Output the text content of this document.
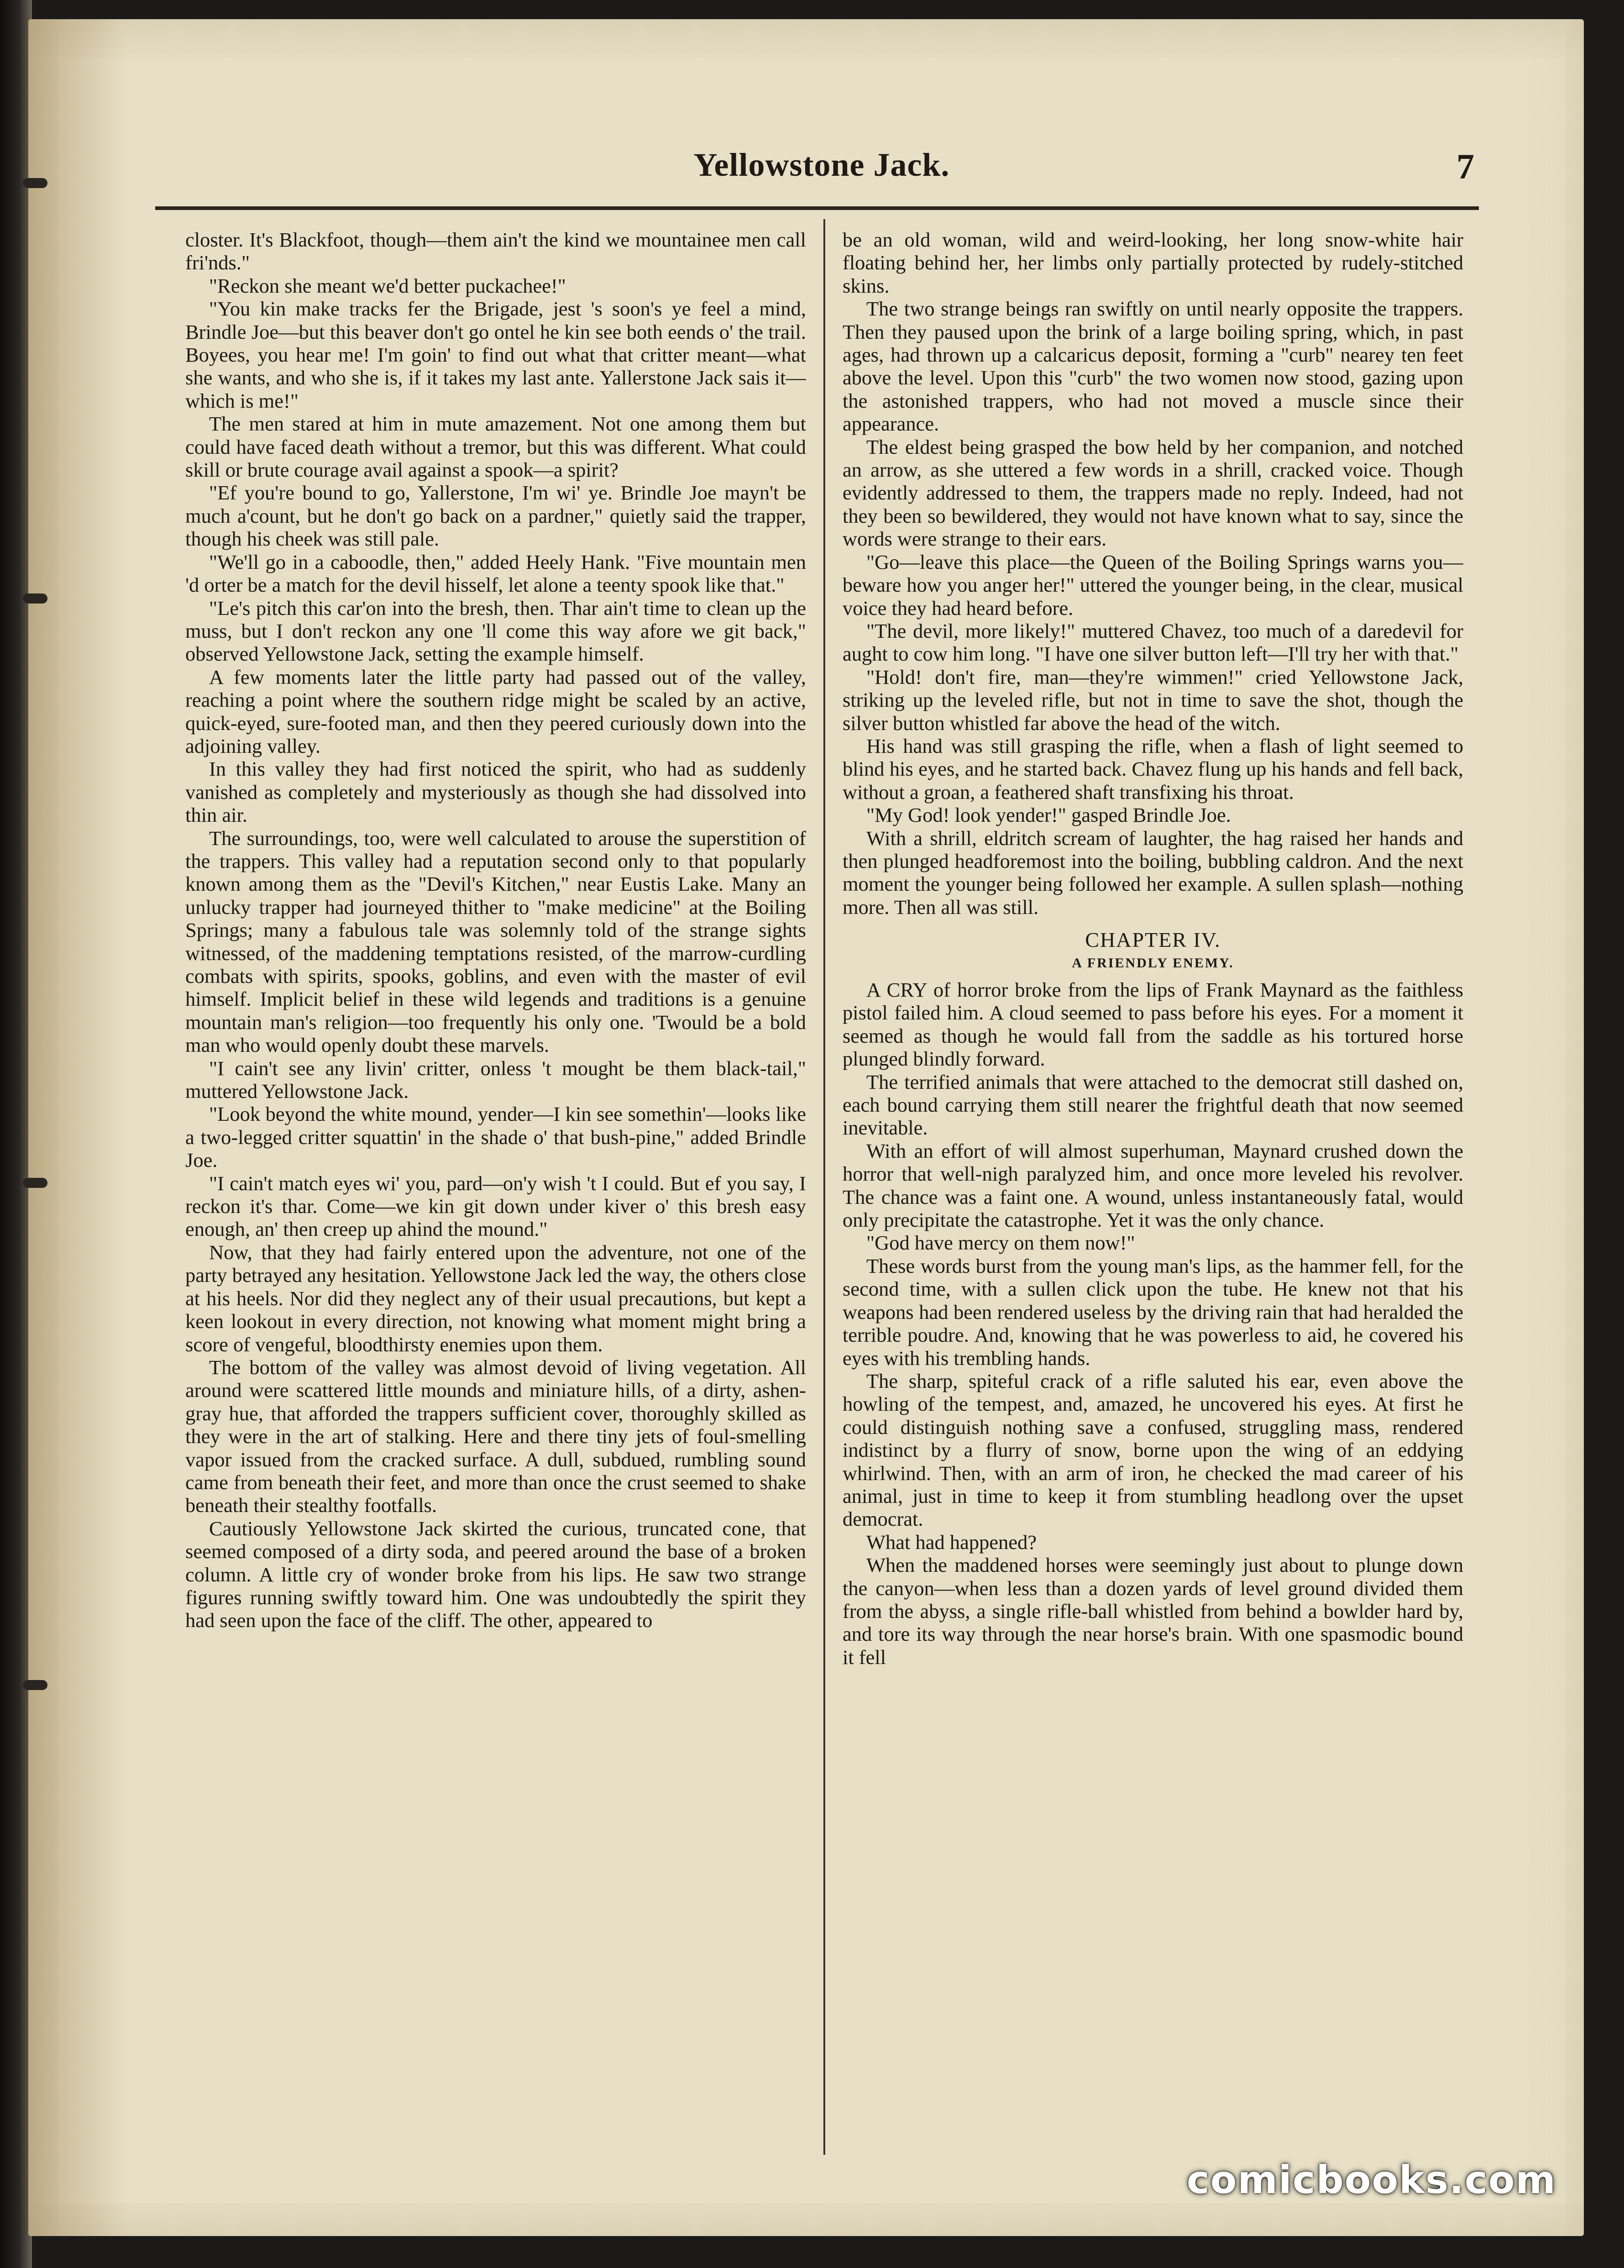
Yellowstone Jack.	7

closter. It's Blackfoot, though—them ain't the kind we mountainee men call fri'nds."

"Reckon she meant we'd better puckachee!"

"You kin make tracks fer the Brigade, jest 's soon's ye feel a mind, Brindle Joe—but this beaver don't go ontel he kin see both eends o' the trail. Boyees, you hear me! I'm goin' to find out what that critter meant—what she wants, and who she is, if it takes my last ante. Yallerstone Jack sais it—which is me!"

The men stared at him in mute amazement. Not one among them but could have faced death without a tremor, but this was different. What could skill or brute courage avail against a spook—a spirit?

"Ef you're bound to go, Yallerstone, I'm wi' ye. Brindle Joe mayn't be much a'count, but he don't go back on a pardner," quietly said the trapper, though his cheek was still pale.

"We'll go in a caboodle, then," added Heely Hank. "Five mountain men 'd orter be a match for the devil hisself, let alone a teenty spook like that."

"Le's pitch this car'on into the bresh, then. Thar ain't time to clean up the muss, but I don't reckon any one 'll come this way afore we git back," observed Yellowstone Jack, setting the example himself.

A few moments later the little party had passed out of the valley, reaching a point where the southern ridge might be scaled by an active, quick-eyed, sure-footed man, and then they peered curiously down into the adjoining valley.

In this valley they had first noticed the spirit, who had as suddenly vanished as completely and mysteriously as though she had dissolved into thin air.

The surroundings, too, were well calculated to arouse the superstition of the trappers. This valley had a reputation second only to that popularly known among them as the "Devil's Kitchen," near Eustis Lake. Many an unlucky trapper had journeyed thither to "make medicine" at the Boiling Springs; many a fabulous tale was solemnly told of the strange sights witnessed, of the maddening temptations resisted, of the marrow-curdling combats with spirits, spooks, goblins, and even with the master of evil himself. Implicit belief in these wild legends and traditions is a genuine mountain man's religion—too frequently his only one. 'Twould be a bold man who would openly doubt these marvels.

"I cain't see any livin' critter, onless 't mought be them black-tail," muttered Yellowstone Jack.

"Look beyond the white mound, yender—I kin see somethin'—looks like a two-legged critter squattin' in the shade o' that bush-pine," added Brindle Joe.

"I cain't match eyes wi' you, pard—on'y wish 't I could. But ef you say, I reckon it's thar. Come—we kin git down under kiver o' this bresh easy enough, an' then creep up ahind the mound."

Now, that they had fairly entered upon the adventure, not one of the party betrayed any hesitation. Yellowstone Jack led the way, the others close at his heels. Nor did they neglect any of their usual precautions, but kept a keen lookout in every direction, not knowing what moment might bring a score of vengeful, bloodthirsty enemies upon them.

The bottom of the valley was almost devoid of living vegetation. All around were scattered little mounds and miniature hills, of a dirty, ashen-gray hue, that afforded the trappers sufficient cover, thoroughly skilled as they were in the art of stalking. Here and there tiny jets of foul-smelling vapor issued from the cracked surface. A dull, subdued, rumbling sound came from beneath their feet, and more than once the crust seemed to shake beneath their stealthy footfalls.

Cautiously Yellowstone Jack skirted the curious, truncated cone, that seemed composed of a dirty soda, and peered around the base of a broken column. A little cry of wonder broke from his lips. He saw two strange figures running swiftly toward him. One was undoubtedly the spirit they had seen upon the face of the cliff. The other, appeared to

be an old woman, wild and weird-looking, her long snow-white hair floating behind her, her limbs only partially protected by rudely-stitched skins.

The two strange beings ran swiftly on until nearly opposite the trappers. Then they paused upon the brink of a large boiling spring, which, in past ages, had thrown up a calcaricus deposit, forming a "curb" nearey ten feet above the level. Upon this "curb" the two women now stood, gazing upon the astonished trappers, who had not moved a muscle since their appearance.

The eldest being grasped the bow held by her companion, and notched an arrow, as she uttered a few words in a shrill, cracked voice. Though evidently addressed to them, the trappers made no reply. Indeed, had not they been so bewildered, they would not have known what to say, since the words were strange to their ears.

"Go—leave this place—the Queen of the Boiling Springs warns you—beware how you anger her!" uttered the younger being, in the clear, musical voice they had heard before.

"The devil, more likely!" muttered Chavez, too much of a daredevil for aught to cow him long. "I have one silver button left—I'll try her with that."

"Hold! don't fire, man—they're wimmen!" cried Yellowstone Jack, striking up the leveled rifle, but not in time to save the shot, though the silver button whistled far above the head of the witch.

His hand was still grasping the rifle, when a flash of light seemed to blind his eyes, and he started back. Chavez flung up his hands and fell back, without a groan, a feathered shaft transfixing his throat.

"My God! look yender!" gasped Brindle Joe.

With a shrill, eldritch scream of laughter, the hag raised her hands and then plunged headforemost into the boiling, bubbling caldron. And the next moment the younger being followed her example. A sullen splash—nothing more. Then all was still.

CHAPTER IV.
A FRIENDLY ENEMY.

A CRY of horror broke from the lips of Frank Maynard as the faithless pistol failed him. A cloud seemed to pass before his eyes. For a moment it seemed as though he would fall from the saddle as his tortured horse plunged blindly forward.

The terrified animals that were attached to the democrat still dashed on, each bound carrying them still nearer the frightful death that now seemed inevitable.

With an effort of will almost superhuman, Maynard crushed down the horror that well-nigh paralyzed him, and once more leveled his revolver. The chance was a faint one. A wound, unless instantaneously fatal, would only precipitate the catastrophe. Yet it was the only chance.

"God have mercy on them now!"

These words burst from the young man's lips, as the hammer fell, for the second time, with a sullen click upon the tube. He knew not that his weapons had been rendered useless by the driving rain that had heralded the terrible poudre. And, knowing that he was powerless to aid, he covered his eyes with his trembling hands.

The sharp, spiteful crack of a rifle saluted his ear, even above the howling of the tempest, and, amazed, he uncovered his eyes. At first he could distinguish nothing save a confused, struggling mass, rendered indistinct by a flurry of snow, borne upon the wing of an eddying whirlwind. Then, with an arm of iron, he checked the mad career of his animal, just in time to keep it from stumbling headlong over the upset democrat.

What had happened?

When the maddened horses were seemingly just about to plunge down the canyon—when less than a dozen yards of level ground divided them from the abyss, a single rifle-ball whistled from behind a bowlder hard by, and tore its way through the near horse's brain. With one spasmodic bound it fell

comicbooks.com
